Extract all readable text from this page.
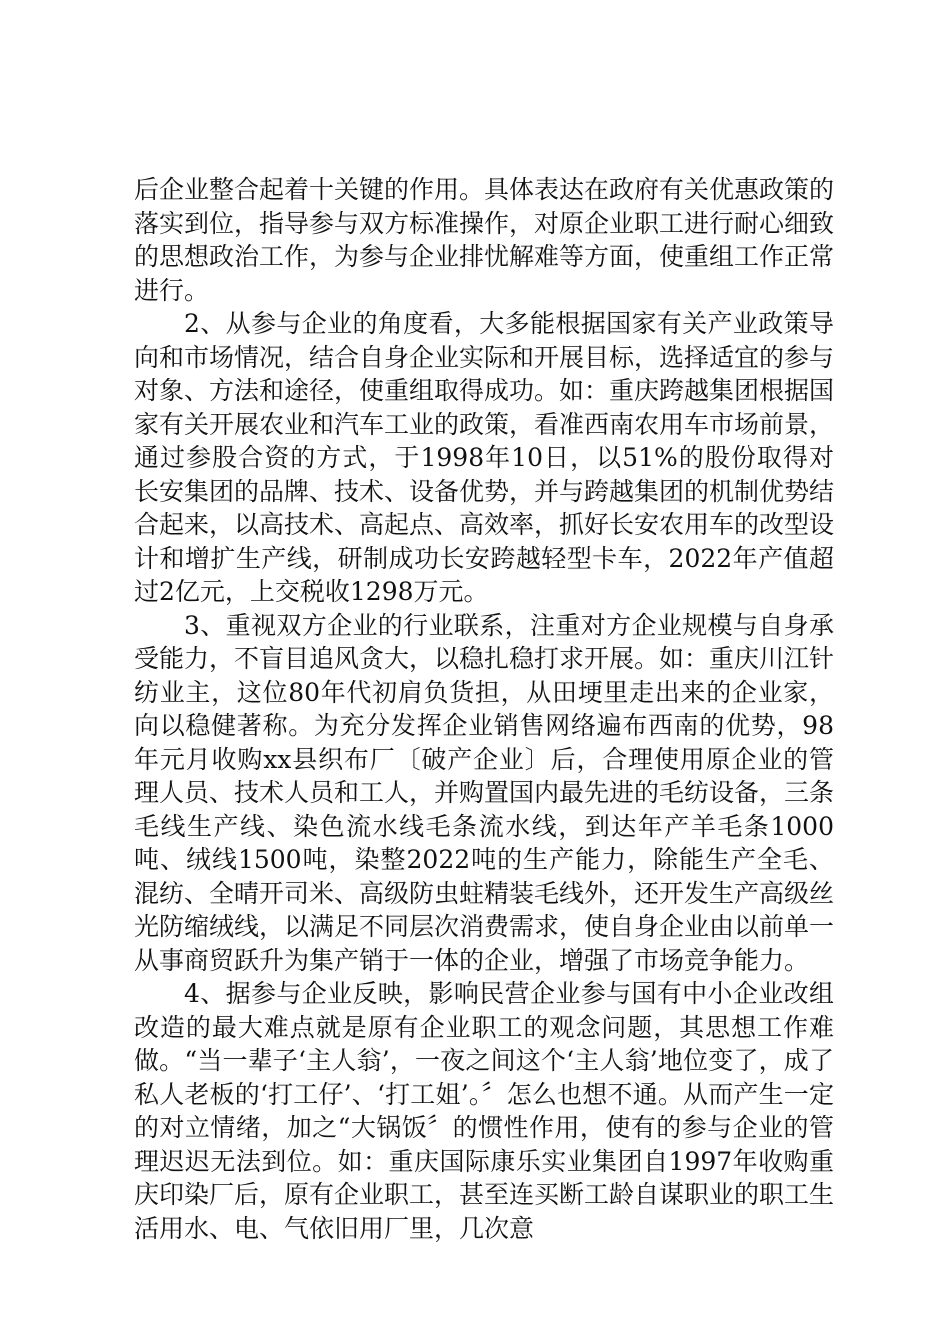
后企业整合起着十关键的作用。具体表达在政府有关优惠政策的落实到位，指导参与双方标准操作，对原企业职工进行耐心细致的思想政治工作，为参与企业排忧解难等方面，使重组工作正常进行。

2、从参与企业的角度看，大多能根据国家有关产业政策导向和市场情况，结合自身企业实际和开展目标，选择适宜的参与对象、方法和途径，使重组取得成功。如：重庆跨越集团根据国家有关开展农业和汽车工业的政策，看准西南农用车市场前景，通过参股合资的方式，于1998年10日，以51%的股份取得对长安集团的品牌、技术、设备优势，并与跨越集团的机制优势结合起来，以高技术、高起点、高效率，抓好长安农用车的改型设计和增扩生产线，研制成功长安跨越轻型卡车，2022年产值超过2亿元，上交税收1298万元。

3、重视双方企业的行业联系，注重对方企业规模与自身承受能力，不盲目追风贪大，以稳扎稳打求开展。如：重庆川江针纺业主，这位80年代初肩负货担，从田埂里走出来的企业家，向以稳健著称。为充分发挥企业销售网络遍布西南的优势，98年元月收购xx县织布厂〔破产企业〕后，合理使用原企业的管理人员、技术人员和工人，并购置国内最先进的毛纺设备，三条毛线生产线、染色流水线毛条流水线，到达年产羊毛条1000吨、绒线1500吨，染整2022吨的生产能力，除能生产全毛、混纺、全晴开司米、高级防虫蛀精装毛线外，还开发生产高级丝光防缩绒线，以满足不同层次消费需求，使自身企业由以前单一从事商贸跃升为集产销于一体的企业，增强了市场竞争能力。

4、据参与企业反映，影响民营企业参与国有中小企业改组改造的最大难点就是原有企业职工的观念问题，其思想工作难做。“当一辈子‘主人翁’，一夜之间这个‘主人翁’地位变了，成了私人老板的‘打工仔’、‘打工姐’。〞怎么也想不通。从而产生一定的对立情绪，加之“大锅饭〞的惯性作用，使有的参与企业的管理迟迟无法到位。如：重庆国际康乐实业集团自1997年收购重庆印染厂后，原有企业职工，甚至连买断工龄自谋职业的职工生活用水、电、气依旧用厂里，几次意
